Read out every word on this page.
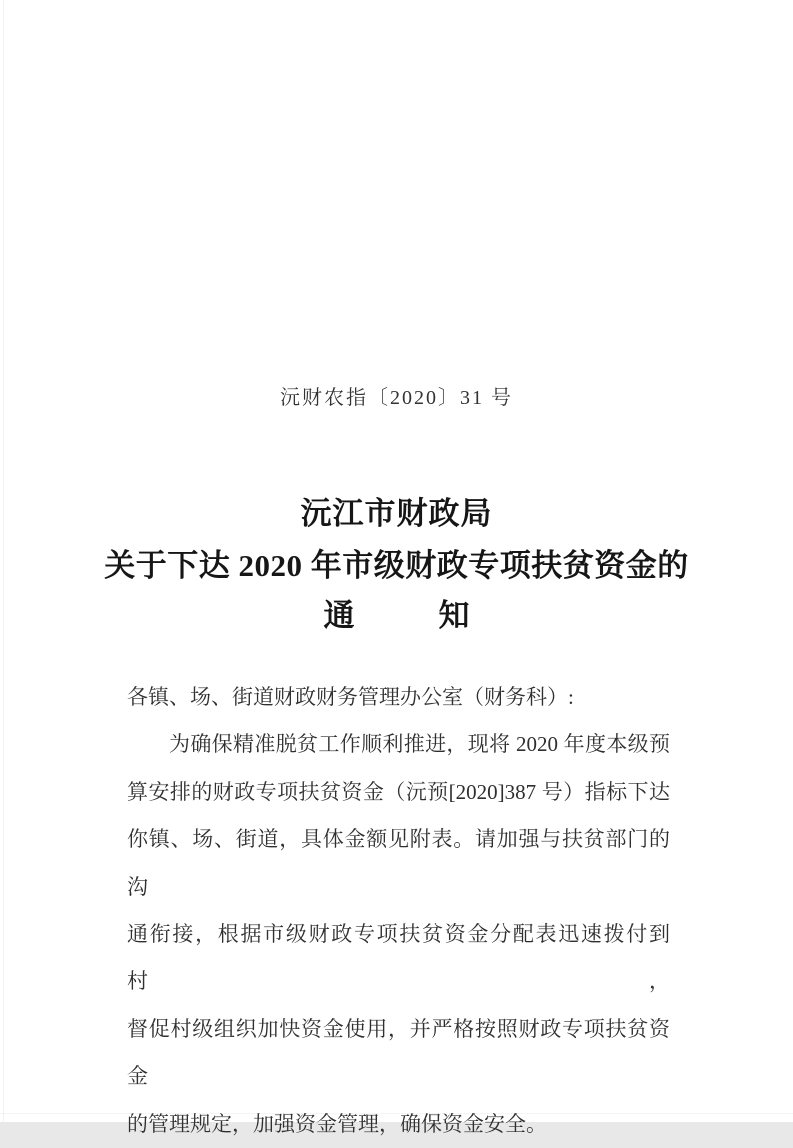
沅财农指〔2020〕31 号
沅江市财政局
关于下达 2020 年市级财政专项扶贫资金的
通	知
各镇、场、街道财政财务管理办公室（财务科）:
为确保精准脱贫工作顺利推进，现将 2020 年度本级预
算安排的财政专项扶贫资金（沅预[2020]387 号）指标下达
你镇、场、街道，具体金额见附表。请加强与扶贫部门的沟
通衔接，根据市级财政专项扶贫资金分配表迅速拨付到村，
督促村级组织加快资金使用，并严格按照财政专项扶贫资金
的管理规定，加强资金管理，确保资金安全。
